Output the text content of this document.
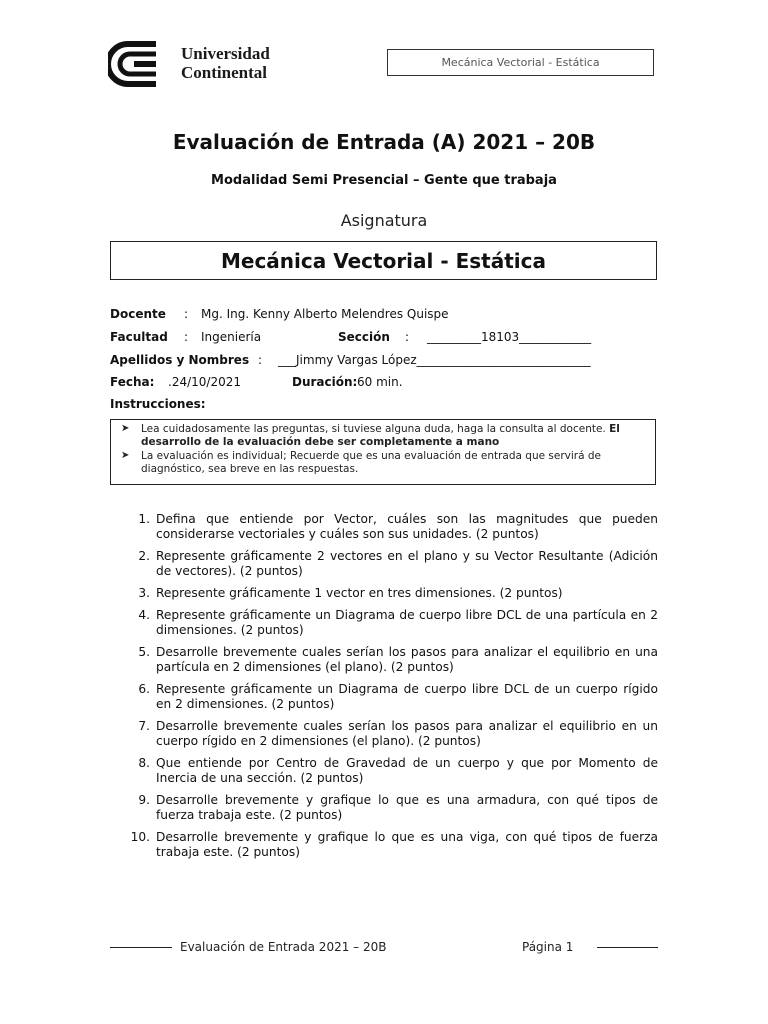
Universidad
Continental
Mecánica Vectorial - Estática
Evaluación de Entrada (A) 2021 – 20B
Modalidad Semi Presencial – Gente que trabaja
Asignatura
Mecánica Vectorial - Estática
Docente : Mg. Ing. Kenny Alberto Melendres Quispe
Facultad : Ingeniería	Sección : _________18103____________
Apellidos y Nombres : ___Jimmy Vargas López_____________________________
Fecha: .24/10/2021	Duración: 60 min.
Instrucciones:
➤ Lea cuidadosamente las preguntas, si tuviese alguna duda, haga la consulta al docente. El desarrollo de la evaluación debe ser completamente a mano
➤ La evaluación es individual; Recuerde que es una evaluación de entrada que servirá de diagnóstico, sea breve en las respuestas.
1. Defina que entiende por Vector, cuáles son las magnitudes que pueden considerarse vectoriales y cuáles son sus unidades. (2 puntos)
2. Represente gráficamente 2 vectores en el plano y su Vector Resultante (Adición de vectores). (2 puntos)
3. Represente gráficamente 1 vector en tres dimensiones. (2 puntos)
4. Represente gráficamente un Diagrama de cuerpo libre DCL de una partícula en 2 dimensiones. (2 puntos)
5. Desarrolle brevemente cuales serían los pasos para analizar el equilibrio en una partícula en 2 dimensiones (el plano). (2 puntos)
6. Represente gráficamente un Diagrama de cuerpo libre DCL de un cuerpo rígido en 2 dimensiones. (2 puntos)
7. Desarrolle brevemente cuales serían los pasos para analizar el equilibrio en un cuerpo rígido en 2 dimensiones (el plano). (2 puntos)
8. Que entiende por Centro de Gravedad de un cuerpo y que por Momento de Inercia de una sección. (2 puntos)
9. Desarrolle brevemente y grafique lo que es una armadura, con qué tipos de fuerza trabaja este. (2 puntos)
10. Desarrolle brevemente y grafique lo que es una viga, con qué tipos de fuerza trabaja este. (2 puntos)
Evaluación de Entrada 2021 – 20B	Página 1
